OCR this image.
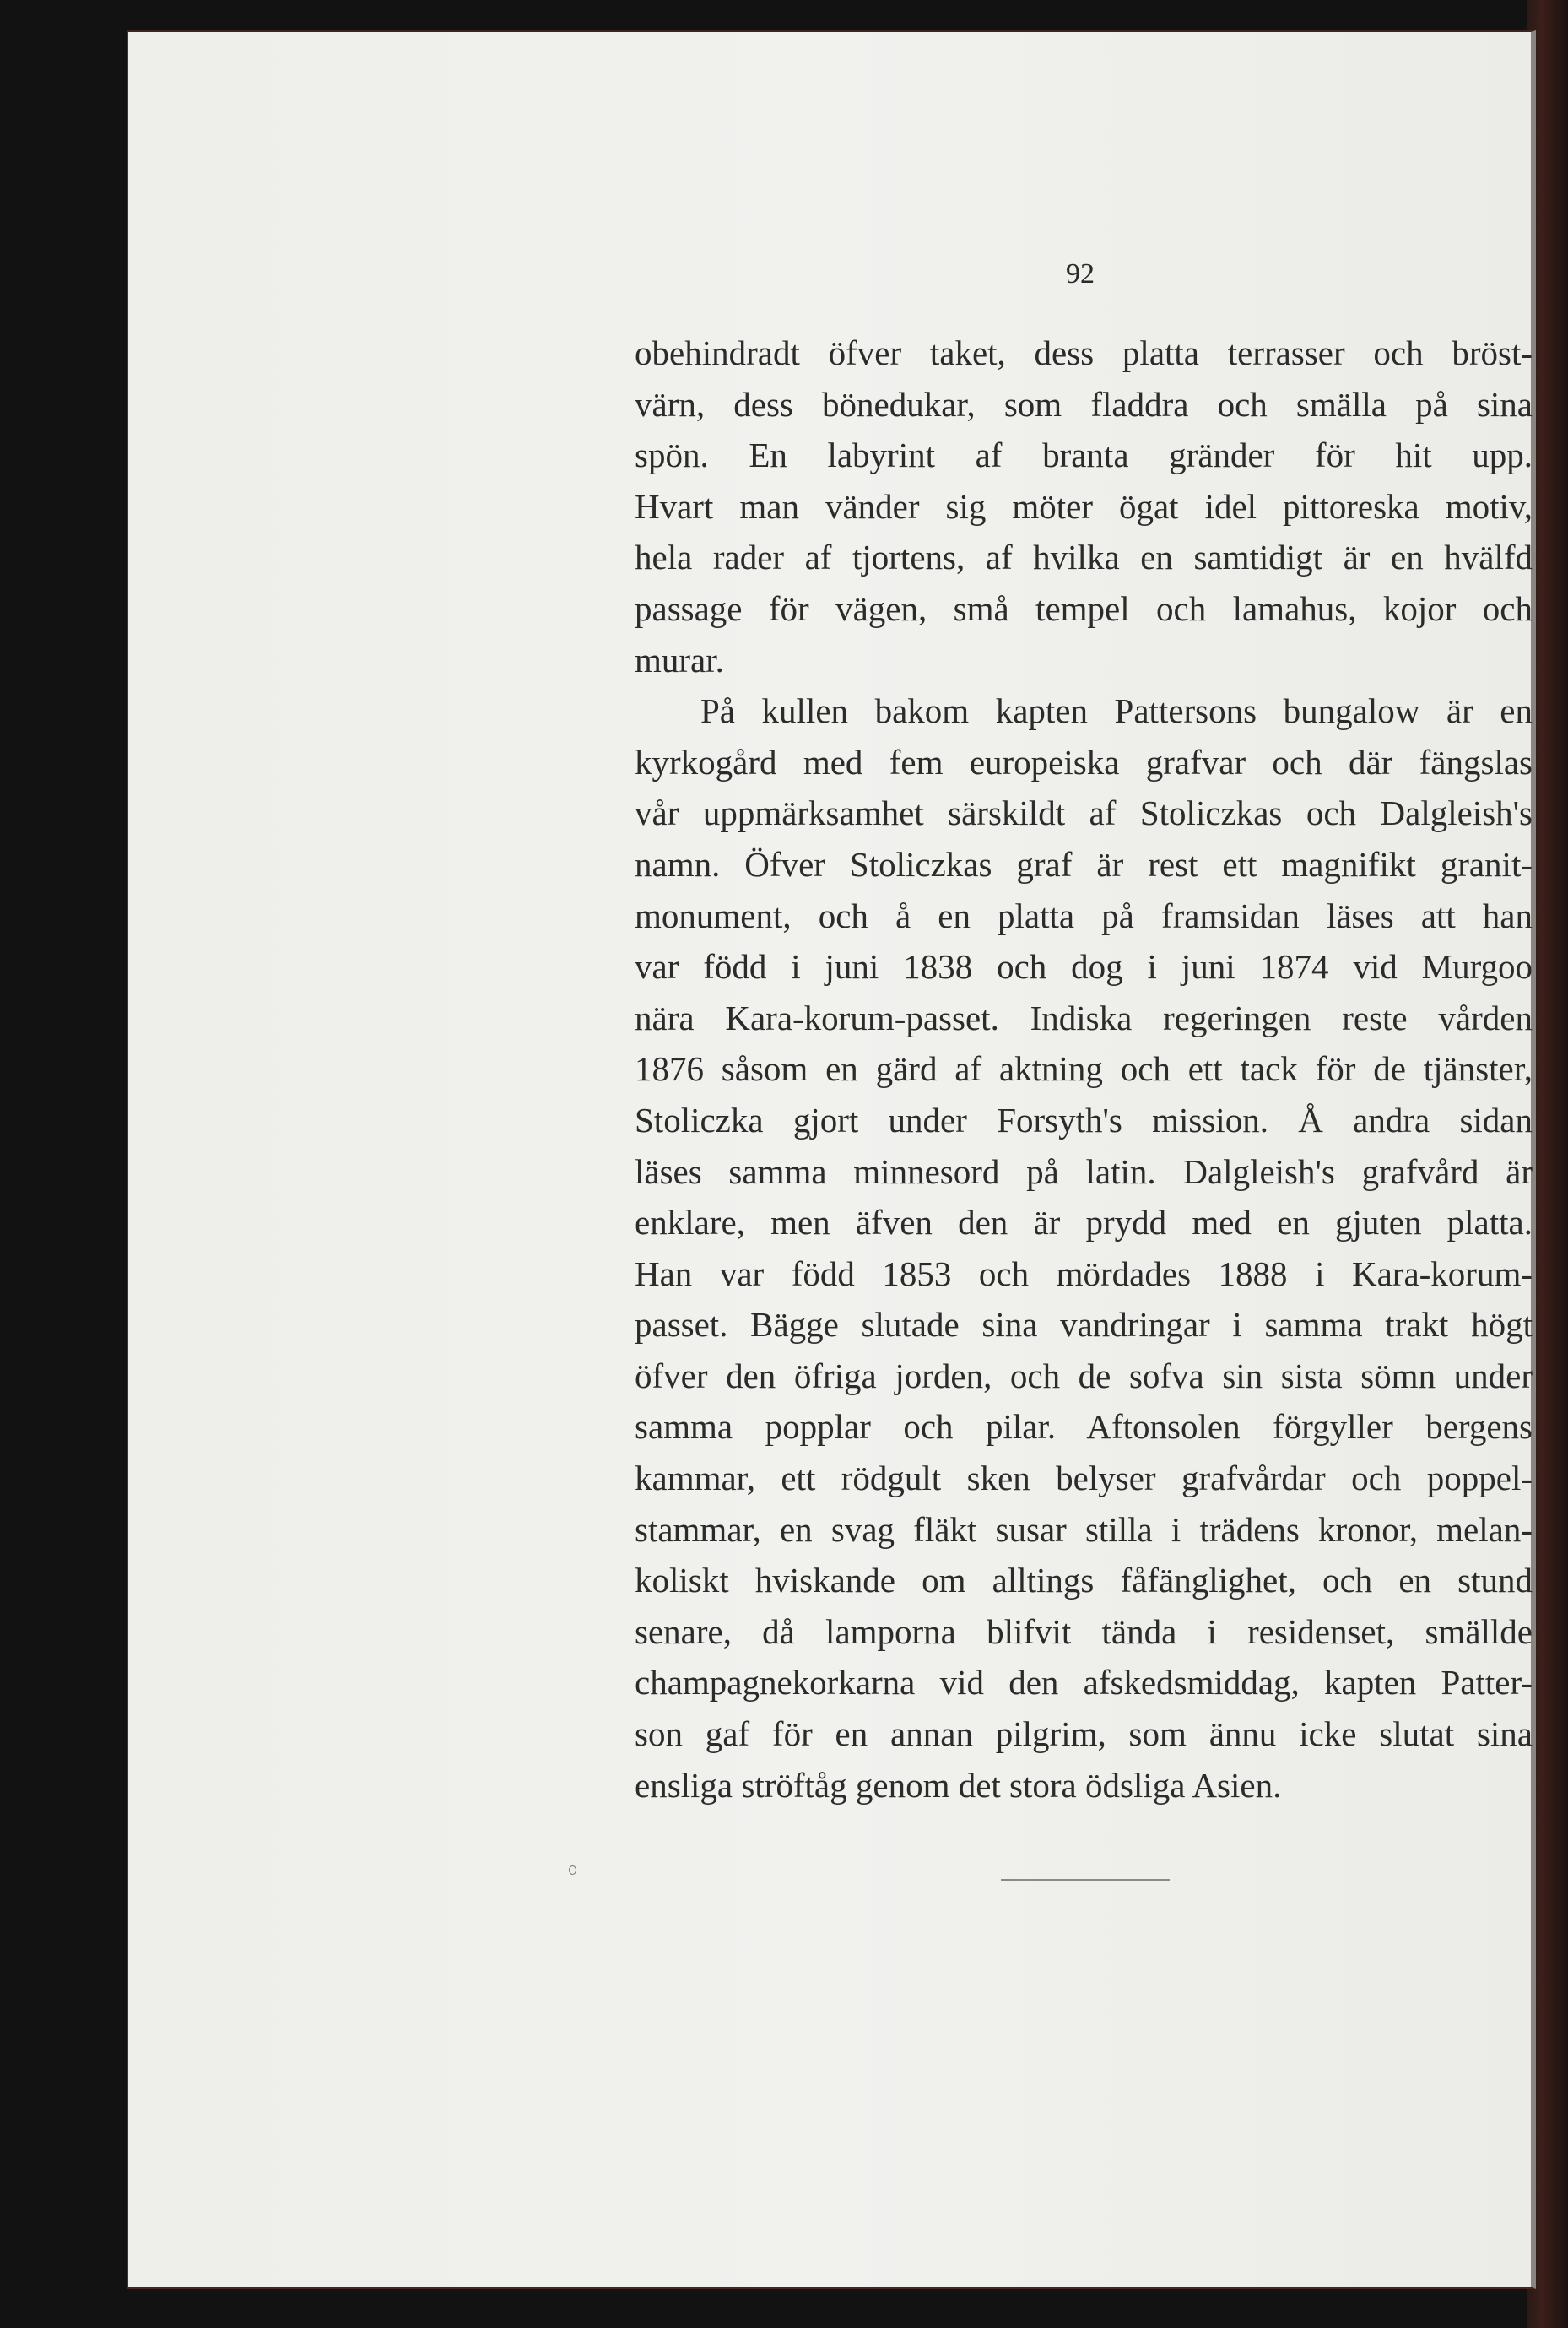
92
obehindradt öfver taket, dess platta terrasser och bröst-
värn, dess bönedukar, som fladdra och smälla på sina
spön. En labyrint af branta gränder för hit upp.
Hvart man vänder sig möter ögat idel pittoreska motiv,
hela rader af tjortens, af hvilka en samtidigt är en hvälfd
passage för vägen, små tempel och lamahus, kojor och
murar.
På kullen bakom kapten Pattersons bungalow är en
kyrkogård med fem europeiska grafvar och där fängslas
vår uppmärksamhet särskildt af Stoliczkas och Dalgleish's
namn. Öfver Stoliczkas graf är rest ett magnifikt granit-
monument, och å en platta på framsidan läses att han
var född i juni 1838 och dog i juni 1874 vid Murgoo
nära Kara-korum-passet. Indiska regeringen reste vården
1876 såsom en gärd af aktning och ett tack för de tjänster,
Stoliczka gjort under Forsyth's mission. Å andra sidan
läses samma minnesord på latin. Dalgleish's grafvård är
enklare, men äfven den är prydd med en gjuten platta.
Han var född 1853 och mördades 1888 i Kara-korum-
passet. Bägge slutade sina vandringar i samma trakt högt
öfver den öfriga jorden, och de sofva sin sista sömn under
samma popplar och pilar. Aftonsolen förgyller bergens
kammar, ett rödgult sken belyser grafvårdar och poppel-
stammar, en svag fläkt susar stilla i trädens kronor, melan-
koliskt hviskande om alltings fåfänglighet, och en stund
senare, då lamporna blifvit tända i residenset, smällde
champagnekorkarna vid den afskedsmiddag, kapten Patter-
son gaf för en annan pilgrim, som ännu icke slutat sina
ensliga ströftåg genom det stora ödsliga Asien.
